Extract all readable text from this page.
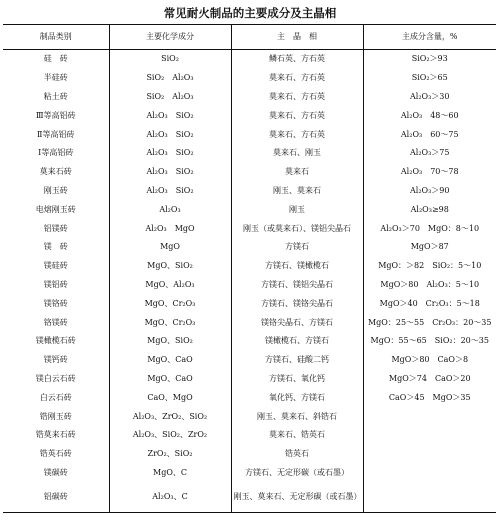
常见耐火制品的主要成分及主晶相
制品类别	主要化学成分	主　晶　相	主成分含量，%
硅　砖	SiO₂	鳞石英、方石英	SiO₂＞93
半硅砖	SiO₂　Al₂O₃	莫来石、方石英	SiO₂＞65
粘土砖	SiO₂　Al₂O₃	莫来石、方石英	Al₂O₃＞30
Ⅲ等高铝砖	Al₂O₃　SiO₂	莫来石、方石英	Al₂O₃　48～60
Ⅱ等高铝砖	Al₂O₃　SiO₂	莫来石、方石英	Al₂O₃　60～75
Ⅰ等高铝砖	Al₂O₃　SiO₂	莫来石、刚玉	Al₂O₃＞75
莫来石砖	Al₂O₃　SiO₂	莫来石	Al₂O₃　70～78
刚玉砖	Al₂O₃　SiO₂	刚玉、莫来石	Al₂O₃＞90
电熔刚玉砖	Al₂O₃	刚玉	Al₂O₃≥98
铝镁砖	Al₂O₃　MgO	刚玉（或莫来石）、镁铝尖晶石	Al₂O₃＞70　MgO：8～10
镁　砖	MgO	方镁石	MgO＞87
镁硅砖	MgO、SiO₂	方镁石、镁橄榄石	MgO：＞82　SiO₂：5～10
镁铝砖	MgO、Al₂O₃	方镁石、镁铝尖晶石	MgO＞80　Al₂O₃：5～10
镁铬砖	MgO、Cr₂O₃	方镁石、镁铬尖晶石	MgO＞40　Cr₂O₃：5～18
铬镁砖	MgO、Cr₂O₃	镁铬尖晶石、方镁石	MgO：25～55　Cr₂O₃：20～35
镁橄榄石砖	MgO、SiO₂	镁橄榄石、方镁石	MgO：55～65　SiO₂：20～35
镁钙砖	MgO、CaO	方镁石、硅酸二钙	MgO＞80　CaO＞8
镁白云石砖	MgO、CaO	方镁石、氧化钙	MgO＞74　CaO＞20
白云石砖	CaO、MgO	氧化钙、方镁石	CaO＞45　MgO＞35
锆刚玉砖	Al₂O₃、ZrO₂、SiO₂	刚玉、莫来石、斜锆石	
锆莫来石砖	Al₂O₃、SiO₂、ZrO₂	莫来石、锆英石	
锆英石砖	ZrO₂、SiO₂	锆英石	
镁碳砖	MgO、C	方镁石、无定形碳（或石墨）	
铝碳砖	Al₂O₃、C	刚玉、莫来石、无定形碳（或石墨）	
